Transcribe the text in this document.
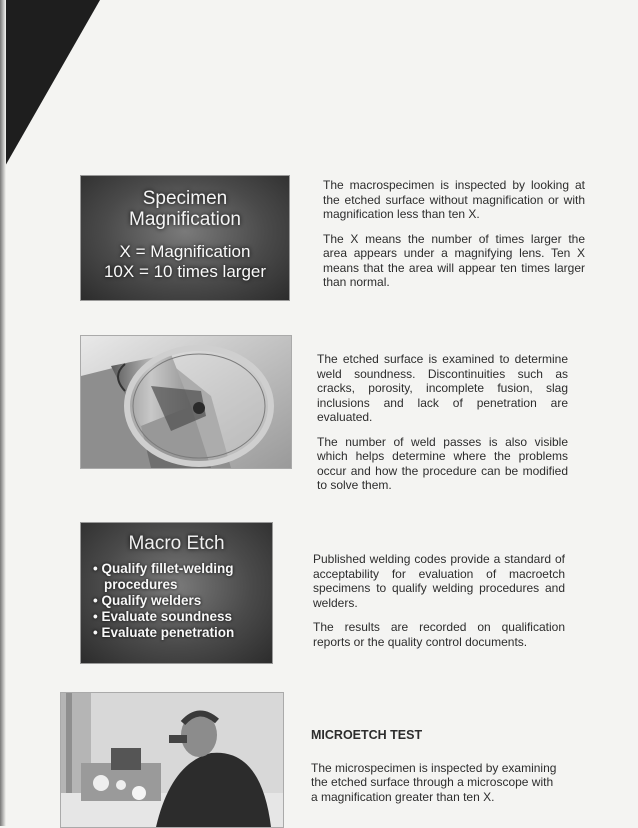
Specimen
Magnification
X = Magnification
10X = 10 times larger

The macrospecimen is inspected by looking at the etched surface without magnification or with magnification less than ten X.

The X means the number of times larger the area appears under a magnifying lens. Ten X means that the area will appear ten times larger than normal.

The etched surface is examined to determine weld soundness. Discontinuities such as cracks, porosity, incomplete fusion, slag inclusions and lack of penetration are evaluated.

The number of weld passes is also visible which helps determine where the problems occur and how the procedure can be modified to solve them.

Macro Etch
• Qualify fillet-welding
procedures
• Qualify welders
• Evaluate soundness
• Evaluate penetration

Published welding codes provide a standard of acceptability for evaluation of macroetch specimens to qualify welding procedures and welders.

The results are recorded on qualification reports or the quality control documents.

MICROETCH TEST

The microspecimen is inspected by examining the etched surface through a microscope with a magnification greater than ten X.
